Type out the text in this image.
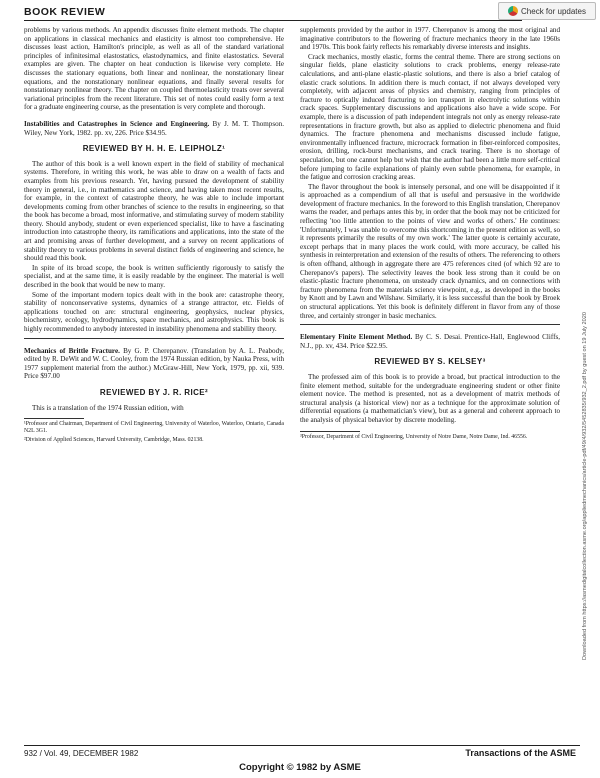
BOOK REVIEW	Check for updates

problems by various methods. An appendix discusses finite element methods. The chapter on applications in classical mechanics and elasticity is almost too comprehensive. He discusses least action, Hamilton's principle, as well as all of the standard variational principles of infinitesimal elastostatics, elastodynamics, and finite elastostatics. Several examples are given. The chapter on heat conduction is likewise very complete. He discusses the stationary equations, both linear and nonlinear, the nonstationary linear equations, and the nonstationary nonlinear equations, and finally several results for nonstationary nonlinear theory. The chapter on coupled thermoelasticity treats over several variational principles from the recent literature. This set of notes could easily form a text for a graduate engineering course, as the presentation is very complete and thorough.

Instabilities and Catastrophes in Science and Engineering. By J. M. T. Thompson. Wiley, New York, 1982. pp. xv, 226. Price $34.95.
REVIEWED BY H. H. E. LEIPHOLZ¹

The author of this book is a well known expert in the field of stability of mechanical systems. Therefore, in writing this work, he was able to draw on a wealth of facts and examples from his previous research. Yet, having pursued the development of stability theory in general, i.e., in mathematics and science, and having taken most recent results, for example, in the context of catastrophe theory, he was able to include important developments coming from other branches of science to the results in engineering, so that the book has become a broad, most informative, and stimulating survey of modern stability theory. Should anybody, student or even experienced specialist, like to have a fascinating introduction into catastrophe theory, its ramifications and applications, into the state of the art and promising areas of further development, and a survey on recent applications of stability theory to various problems in several distinct fields of engineering and science, he should read this book.

In spite of its broad scope, the book is written sufficiently rigorously to satisfy the specialist, and at the same time, it is easily readable by the engineer. The material is well described in the book that would be new to many.

Some of the important modern topics dealt with in the book are: catastrophe theory, stability of nonconservative systems, dynamics of a strange attractor, etc. Fields of applications touched on are: structural engineering, geophysics, nuclear physics, biochemistry, ecology, hydrodynamics, space mechanics, and astrophysics. This book is highly recommended to anybody interested in instability phenomena and stability theory.

Mechanics of Brittle Fracture. By G. P. Cherepanov. (Translation by A. L. Peabody, edited by R. DeWit and W. C. Cooley, from the 1974 Russian edition, by Nauka Press, with 1977 supplement material from the author.) McGraw-Hill, New York, 1979, pp. xii, 939. Price $97.00
REVIEWED BY J. R. RICE²

This is a translation of the 1974 Russian edition, with

¹Professor and Chairman, Department of Civil Engineering, University of Waterloo, Waterloo, Ontario, Canada N2L 3G1.

²Division of Applied Sciences, Harvard University, Cambridge, Mass. 02138.

supplements provided by the author in 1977. Cherepanov is among the most original and imaginative contributors to the flowering of fracture mechanics theory in the late 1960s and 1970s. This book fairly reflects his remarkably diverse interests and insights.

Crack mechanics, mostly elastic, forms the central theme. There are strong sections on singular fields, plane elasticity solutions to crack problems, energy release-rate calculations, and anti-plane elastic-plastic solutions, and there is also a brief catalog of elastic crack solutions. In addition there is much contact, if not always developed very completely, with adjacent areas of physics and chemistry, ranging from principles of fracture to optically induced fracturing to ion transport in electrolytic solutions within crack spaces. Supplementary discussions and applications also have a wide scope. For example, there is a discussion of path independent integrals not only as energy release-rate representations in fracture growth, but also as applied to dielectric phenomena and fluid dynamics. The fracture phenomena and mechanisms discussed include fatigue, environmentally influenced fracture, microcrack formation in fiber-reinforced composites, erosion, drilling, rock-burst mechanisms, and crack tearing. There is no shortage of speculation, but one cannot help but wish that the author had been a little more self-critical before jumping to facile explanations of plainly even subtle phenomena, for example, in the fatigue and corrosion cracking areas.

The flavor throughout the book is intensely personal, and one will be disappointed if it is approached as a compendium of all that is useful and persuasive in the worldwide development of fracture mechanics. In the foreword to this English translation, Cherepanov warns the reader, and perhaps antes this by, in order that the book may not be criticized for reflecting 'too little attention to the points of view and works of others.' He continues: 'Unfortunately, I was unable to overcome this shortcoming in the present edition as well, so it represents primarily the results of my own work.' The latter quote is certainly accurate, except perhaps that in many places the work could, with more accuracy, be called his synthesis in reinterpretation and extension of the results of others. The referencing to others is often offhand, although in aggregate there are 475 references cited (of which 92 are to Cherepanov's papers). The selectivity leaves the book less strong than it could be on elastic-plastic fracture phenomena, on unsteady crack dynamics, and on connections with fracture phenomena from the materials science viewpoint, e.g., as developed in the books by Knott and by Lawn and Wilshaw. Similarly, it is less successful than the book by Broek on structural applications. Yet this book is definitely different in flavor from any of those three, and certainly stronger in basic mechanics.

Elementary Finite Element Method. By C. S. Desai. Prentice-Hall, Englewood Cliffs, N.J., pp. xv, 434. Price $22.95.
REVIEWED BY S. KELSEY³

The professed aim of this book is to provide a broad, but practical introduction to the finite element method, suitable for the undergraduate engineering student or other finite element novice. The method is presented, not as a development of matrix methods of structural analysis (a historical view) nor as a technique for the approximate solution of differential equations (a mathematician's view), but as a general and coherent approach to the analysis of physical behavior by discrete modeling.

³Professor, Department of Civil Engineering, University of Notre Dame, Notre Dame, Ind. 46556.	Downloaded from https://asmedigitalcollection.asme.org/appliedmechanics/article-pdf/49/4/932/5452835/932_2.pdf by guest on 19 July 2020
932 / Vol. 49, DECEMBER 1982	Transactions of the ASME
Copyright © 1982 by ASME
